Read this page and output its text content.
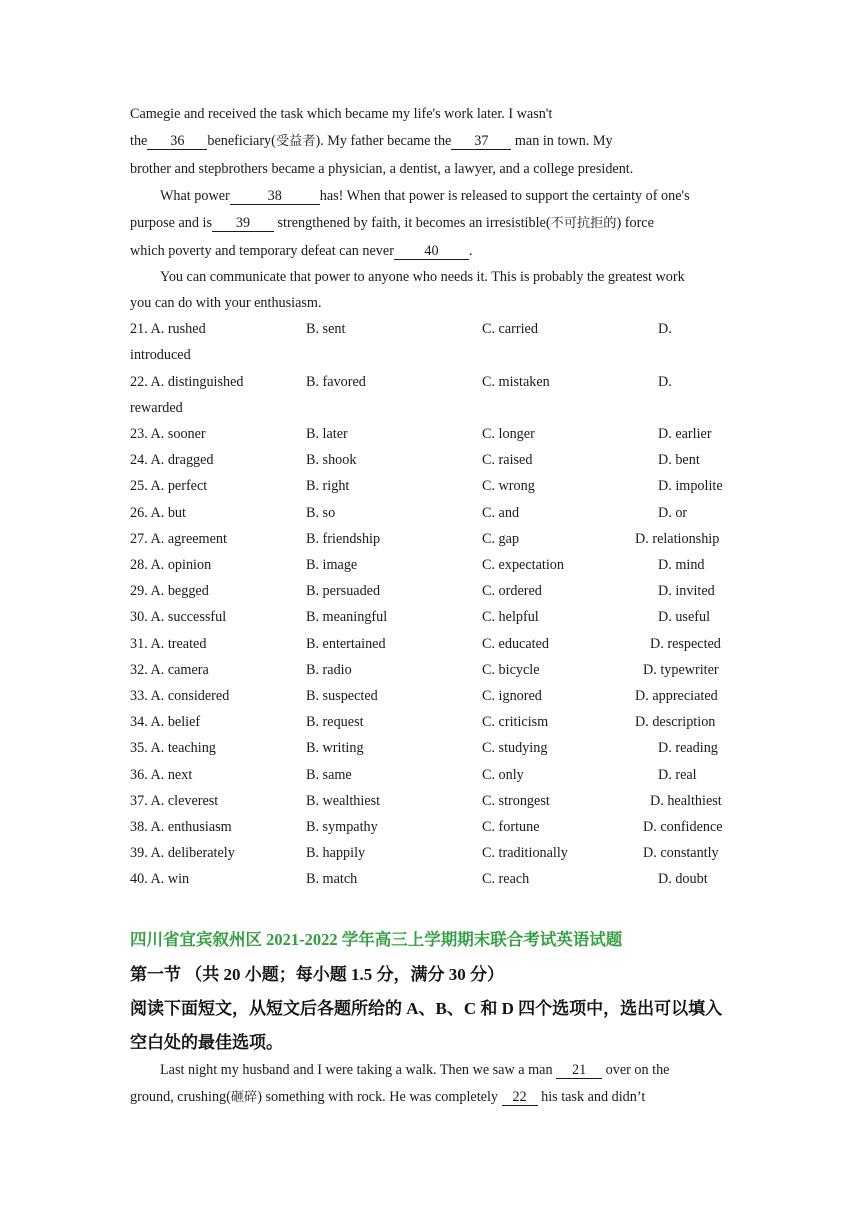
Camegie and received the task which became my life's work later. I wasn't
the 36 beneficiary(受益者). My father became the 37 man in town. My
brother and stepbrothers became a physician, a dentist, a lawyer, and a college president.
What power	38	has! When that power is released to support the certainty of one's
purpose and is 39 strengthened by faith, it becomes an irresistible(不可抗拒的) force
which poverty and temporary defeat can never 40 .
You can communicate that power to anyone who needs it. This is probably the greatest work
you can do with your enthusiasm.
21. A. rushed	B. sent	C. carried	D.
introduced
22. A. distinguished	B. favored	C. mistaken	D.
rewarded
23. A. sooner	B. later	C. longer	D. earlier
24. A. dragged	B. shook	C. raised	D. bent
25. A. perfect	B. right	C. wrong	D. impolite
26. A. but	B. so	C. and	D. or
27. A. agreement	B. friendship	C. gap	D. relationship
28. A. opinion	B. image	C. expectation	D. mind
29. A. begged	B. persuaded	C. ordered	D. invited
30. A. successful	B. meaningful	C. helpful	D. useful
31. A. treated	B. entertained	C. educated	D. respected
32. A. camera	B. radio	C. bicycle	D. typewriter
33. A. considered	B. suspected	C. ignored	D. appreciated
34. A. belief	B. request	C. criticism	D. description
35. A. teaching	B. writing	C. studying	D. reading
36. A. next	B. same	C. only	D. real
37. A. cleverest	B. wealthiest	C. strongest	D. healthiest
38. A. enthusiasm	B. sympathy	C. fortune	D. confidence
39. A. deliberately	B. happily	C. traditionally	D. constantly
40. A. win	B. match	C. reach	D. doubt
四川省宜宾叙州区 2021-2022 学年高三上学期期末联合考试英语试题
第一节 （共 20 小题；每小题 1.5 分，满分 30 分）
阅读下面短文，从短文后各题所给的 A、B、C 和 D 四个选项中，选出可以填入
空白处的最佳选项。
Last night my husband and I were taking a walk. Then we saw a man 21 over on the
ground, crushing(砸碎) something with rock. He was completely 22 his task and didn’t
